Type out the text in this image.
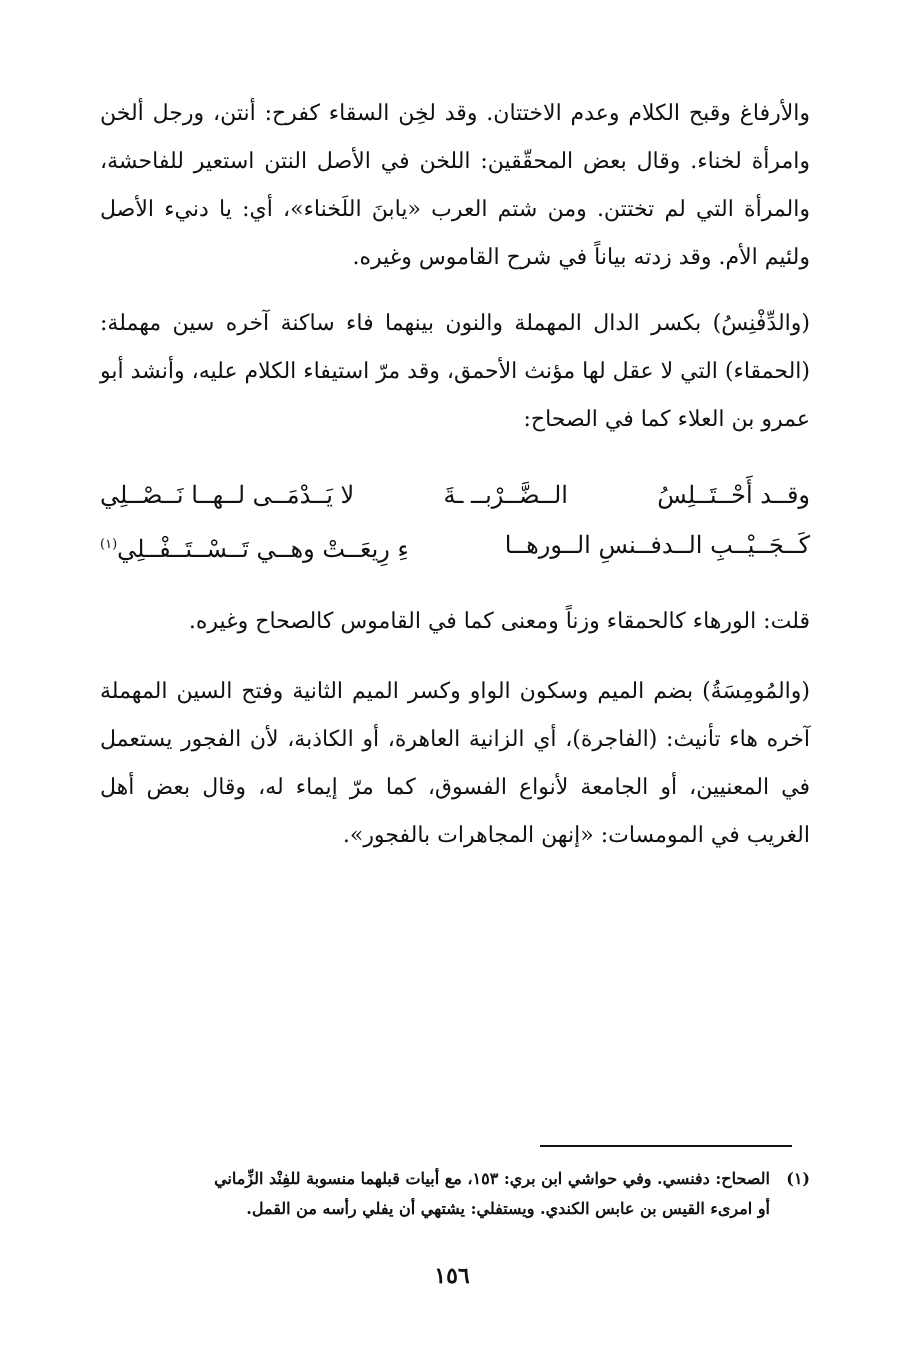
والأرفاغ وقبح الكلام وعدم الاختتان. وقد لخِن السقاء كفرح: أنتن، ورجل ألخن وامرأة لخناء. وقال بعض المحقّقين: اللخن في الأصل النتن استعير للفاحشة، والمرأة التي لم تختتن. ومن شتم العرب «يابنَ اللَخناء»، أي: يا دنيء الأصل ولئيم الأم. وقد زدته بياناً في شرح القاموس وغيره.

(والدِّفْنِسُ) بكسر الدال المهملة والنون بينهما فاء ساكنة آخره سين مهملة: (الحمقاء) التي لا عقل لها مؤنث الأحمق، وقد مرّ استيفاء الكلام عليه، وأنشد أبو عمرو بن العلاء كما في الصحاح:

وقــد أَحْــتَــلِسُ
الــضَّــرْبــ ـةَ
لا يَــدْمَــى لــهــا نَــصْــلِي
كَــجَــيْــبِ الــدفــنسِ الــورهــا
ءِ رِيعَــتْ وهــي تَــسْــتَــفْــلِي$^{(١)}$

قلت: الورهاء كالحمقاء وزناً ومعنى كما في القاموس كالصحاح وغيره.

(والمُومِسَةُ) بضم الميم وسكون الواو وكسر الميم الثانية وفتح السين المهملة آخره هاء تأنيث: (الفاجرة)، أي الزانية العاهرة، أو الكاذبة، لأن الفجور يستعمل في المعنيين، أو الجامعة لأنواع الفسوق، كما مرّ إيماء له، وقال بعض أهل الغريب في المومسات: «إنهن المجاهرات بالفجور».

(١)الصحاح: دفنسي. وفي حواشي ابن بري: ١٥٣، مع أبيات قبلهما منسوبة للفِنْد الزِّماني
أو امرىء القيس بن عابس الكندي. ويستفلي: يشتهي أن يفلي رأسه من القمل.
١٥٦
